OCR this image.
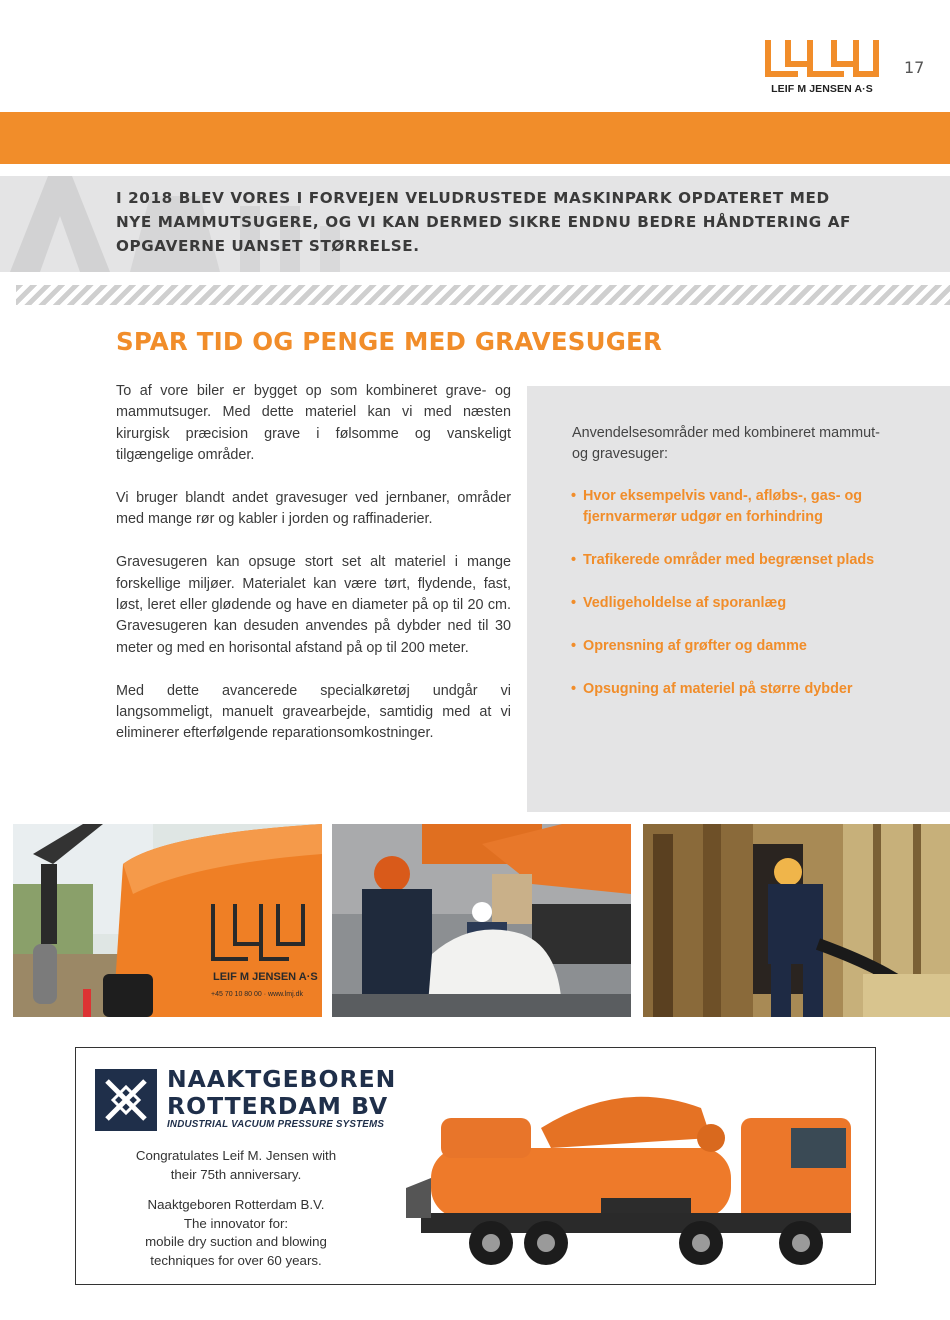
LEIF M JENSEN A·S
17
I 2018 BLEV VORES I FORVEJEN VELUDRUSTEDE MASKINPARK OPDATERET MED NYE MAMMUTSUGERE, OG VI KAN DERMED SIKRE ENDNU BEDRE HÅNDTERING AF OPGAVERNE UANSET STØRRELSE.
SPAR TID OG PENGE MED GRAVESUGER

To af vore biler er bygget op som kombineret grave- og mammutsuger. Med dette materiel kan vi med næsten kirurgisk præcision grave i følsomme og vanskeligt tilgængelige områder.

Vi bruger blandt andet gravesuger ved jernbaner, områder med mange rør og kabler i jorden og raffinaderier.

Gravesugeren kan opsuge stort set alt materiel i mange forskellige miljøer. Materialet kan være tørt, flydende, fast, løst, leret eller glødende og have en diameter på op til 20 cm. Gravesugeren kan desuden anvendes på dybder ned til 30 meter og med en horisontal afstand på op til 200 meter.

Med dette avancerede specialkøretøj undgår vi langsommeligt, manuelt gravearbejde, samtidig med at vi eliminerer efterfølgende reparationsomkostninger.

Anvendelsesområder med kombineret mammut- og gravesuger:
• Hvor eksempelvis vand-, afløbs-, gas- og fjernvarmerør udgør en forhindring
• Trafikerede områder med begrænset plads
• Vedligeholdelse af sporanlæg
• Oprensning af grøfter og damme
• Opsugning af materiel på større dybder
LEIF M JENSEN A·S
+45 70 10 80 00 · www.lmj.dk
NAAKTGEBOREN
ROTTERDAM BV
INDUSTRIAL VACUUM PRESSURE SYSTEMS
Congratulates Leif M. Jensen with
their 75th anniversary.
Naaktgeboren Rotterdam B.V.
The innovator for:
mobile dry suction and blowing
techniques for over 60 years.
